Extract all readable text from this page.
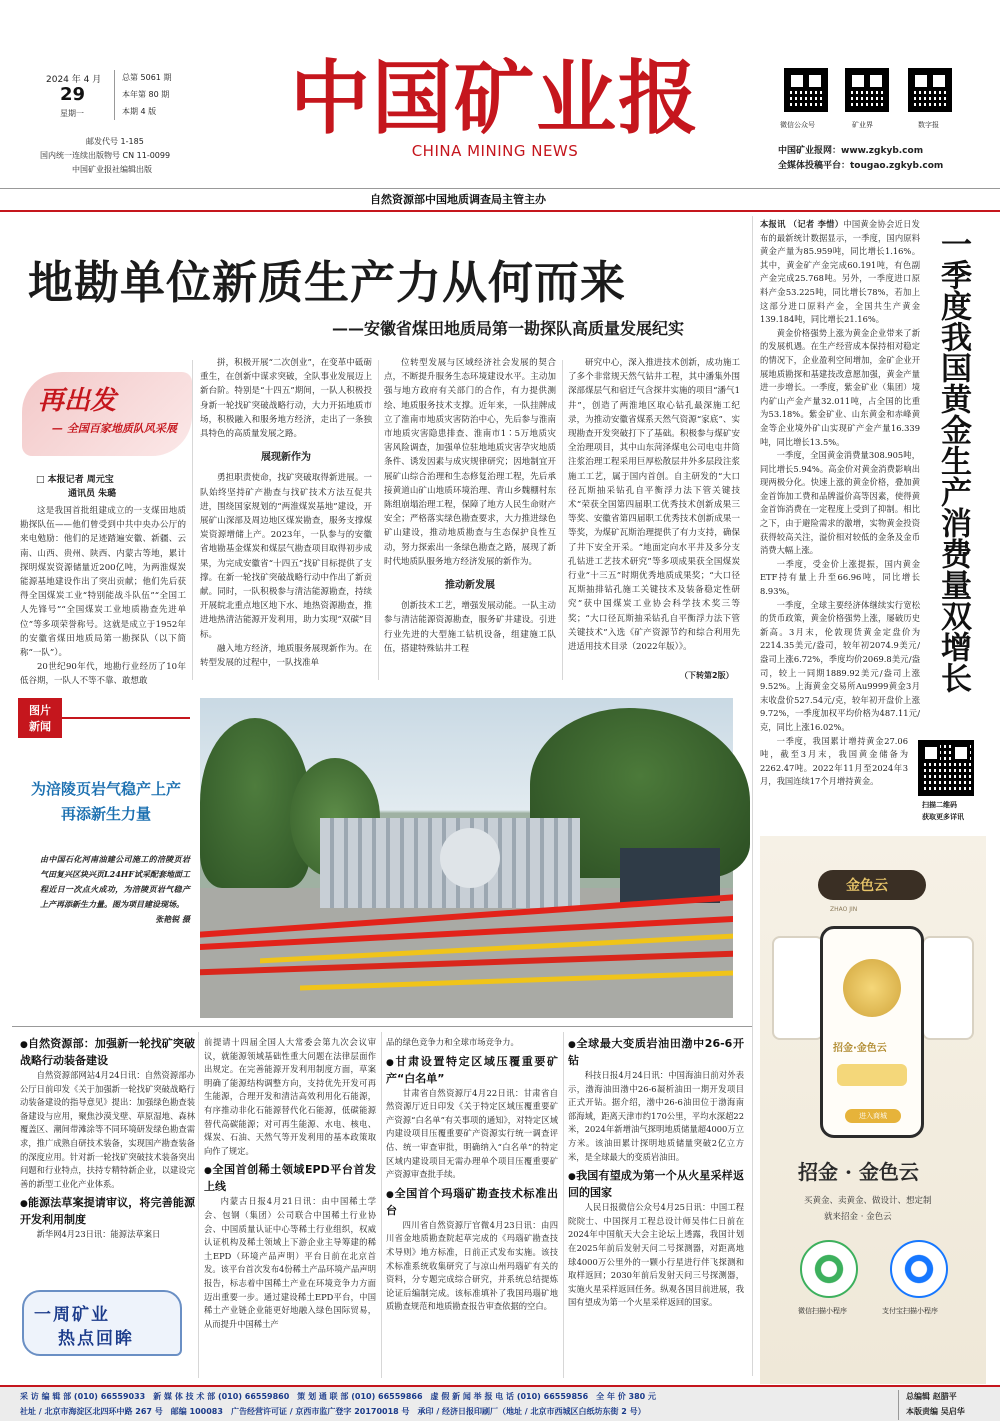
2024 年 4 月
29
星期一
总第 5061 期
本年第 80 期
本期 4 版
邮发代号 1-185
国内统一连续出版物号 CN 11-0099
中国矿业报社编辑出版
中国矿业报
CHINA MINING NEWS
自然资源部中国地质调查局主管主办
微信公众号	矿业界	数字报
中国矿业报网：www.zgkyb.com
全媒体投稿平台：tougao.zgkyb.com
地勘单位新质生产力从何而来
——安徽省煤田地质局第一勘探队高质量发展纪实
再出发
— 全国百家地质队风采展
□ 本报记者 周元宝
通讯员 朱璐

这是我国首批组建成立的一支煤田地质勘探队伍——他们曾受到中共中央办公厅的来电勉励：他们的足迹踏遍安徽、新疆、云南、山西、贵州、陕西、内蒙古等地，累计探明煤炭资源储量近200亿吨，为两淮煤炭能源基地建设作出了突出贡献；他们先后获得全国煤炭工业“特别能战斗队伍”“全国工人先锋号”“全国煤炭工业地质勘查先进单位”等多项荣誉称号。这就是成立于1952年的安徽省煤田地质局第一勘探队（以下简称“一队”）。

20世纪90年代，地勘行业经历了10年低谷期，一队人不等不靠、敢想敢

拼，积极开展“二次创业”，在变革中砥砺重生，在创新中谋求突破，全队事业发展迈上新台阶。特别是“十四五”期间，一队人积极投身新一轮找矿突破战略行动，大力开拓地质市场，积极融入和服务地方经济，走出了一条独具特色的高质量发展之路。

展现新作为

勇担职责使命，找矿突破取得新进展。一队始终坚持矿产勘查与找矿技术方法互促共进，围绕国家规划的“两淮煤炭基地”建设，开展矿山深部及周边地区煤炭勘查，服务支撑煤炭资源增储上产。2023年，一队参与的安徽省地勘基金煤炭和煤层气勘查项目取得初步成果，为完成安徽省“十四五”找矿目标提供了支撑。在新一轮找矿突破战略行动中作出了新贡献。同时，一队积极参与清洁能源勘查，持续开展皖北重点地区地下水、地热资源勘查，推进地热清洁能源开发利用，助力实现“双碳”目标。

融入地方经济，地质服务展现新作为。在转型发展的过程中，一队找准单

位转型发展与区域经济社会发展的契合点，不断提升服务生态环境建设水平。主动加强与地方政府有关部门的合作，有力提供测绘、地质服务技术支撑。近年来，一队挂牌成立了淮南市地质灾害防治中心，先后参与淮南市地质灾害隐患排查、淮南市1∶5万地质灾害风险调查，加强单位驻地地质灾害孕灾地质条件、诱发因素与成灾规律研究；因地制宜开展矿山综合治理和生态修复治理工程，先后承接黄道山矿山地质环境治理、青山乡魏棚村东陈组崩塌治理工程，保障了地方人民生命财产安全；严格落实绿色勘查要求，大力推进绿色矿山建设，推动地质勘查与生态保护良性互动，努力探索出一条绿色勘查之路，展现了新时代地质队服务地方经济发展的新作为。

推动新发展

创新技术工艺，增强发展动能。一队主动参与清洁能源资源勘查，服务矿井建设。引进行业先进的大型施工钻机设备，组建施工队伍，搭建特殊钻井工程

研究中心，深入推进技术创新，成功施工了多个非常规天然气钻井工程，其中潘集外围深部煤层气和宿迁气含探井实施的项目“潘气1井”，创造了两淮地区取心钻孔最深施工纪录，为推动安徽省煤系天然气资源“家底”、实现勘查开发突破打下了基础。积极参与煤矿安全治理项目，其中山东菏泽煤电公司电屯井筒注浆治理工程采用巨厚松散层井外多层段注浆施工工艺，属于国内首创。自主研发的“大口径瓦斯抽采钻孔自平衡浮力法下管关键技术”荣获全国第四届职工优秀技术创新成果三等奖、安徽省第四届职工优秀技术创新成果一等奖，为煤矿瓦斯治理提供了有力支持，确保了井下安全开采。“地面定向水平井及多分支孔钻进工艺技术研究”等多项成果获全国煤炭行业“十三五”时期优秀地质成果奖；“大口径瓦斯抽排钻孔施工关键技术及装备稳定性研究”获中国煤炭工业协会科学技术奖三等奖；“大口径瓦斯抽采钻孔自平衡浮力法下管关键技术”入选《矿产资源节约和综合利用先进适用技术目录（2022年版）》。

（下转第2版）
图片
新闻
为涪陵页岩气稳产上产
再添新生力量
由中国石化河南油建公司施工的涪陵页岩气田复兴区块兴页L24HF试采配套地面工程近日一次点火成功，为涪陵页岩气稳产上产再添新生力量。图为项目建设现场。
张艳锐 摄

本报讯 （记者 李惜）中国黄金协会近日发布的最新统计数据显示，一季度，国内原料黄金产量为85.959吨，同比增长1.16%。其中，黄金矿产金完成60.191吨，有色副产金完成25.768吨。另外，一季度进口原料产金53.225吨，同比增长78%，若加上这部分进口原料产金，全国共生产黄金139.184吨，同比增长21.16%。

黄金价格强势上涨为黄金企业带来了新的发展机遇。在生产经营成本保持相对稳定的情况下，企业盈利空间增加，金矿企业开展地质勘探和基建技改意愿加强，黄金产量进一步增长。一季度，紫金矿业（集团）境内矿山产金产量32.011吨，占全国的比重为53.18%。紫金矿业、山东黄金和赤峰黄金等企业境外矿山实现矿产金产量16.339吨，同比增长13.5%。

一季度，全国黄金消费量308.905吨，同比增长5.94%。高金价对黄金消费影响出现两极分化。快速上涨的黄金价格，叠加黄金首饰加工费和品牌溢价高等因素，使得黄金首饰消费在一定程度上受到了抑制。相比之下，由于避险需求的激增，实物黄金投资获得较高关注，溢价相对较低的金条及金币消费大幅上涨。

一季度，受金价上涨提振，国内黄金ETF持有量上升至66.96吨，同比增长8.93%。

一季度，全球主要经济体继续实行宽松的货币政策，黄金价格强势上涨，屡破历史新高。3月末，伦敦现货黄金定盘价为2214.35美元/盎司，较年初2074.9美元/盎司上涨6.72%，季度均价2069.8美元/盎司，较上一同期1889.92美元/盎司上涨9.52%。上海黄金交易所Au9999黄金3月末收盘价527.54元/克，较年初开盘价上涨9.72%，一季度加权平均价格为487.11元/克，同比上涨16.02%。

一季度，我国累计增持黄金27.06吨，截至3月末，我国黄金储备为2262.47吨。2022年11月至2024年3月，我国连续17个月增持黄金。

一季度我国黄金生产消费量双增长
扫描二维码
获取更多详讯
金色云
ZHAO JIN
招金·金色云
进入商城
招金 · 金色云
买黄金、卖黄金、做设计、想定制
就来招金 · 金色云
微信扫描小程序	支付宝扫描小程序
● 自然资源部：加强新一轮找矿突破战略行动装备建设

自然资源部网站4月24日讯：自然资源部办公厅日前印发《关于加强新一轮找矿突破战略行动装备建设的指导意见》提出：加强绿色勘查装备建设与应用，聚焦沙漠戈壁、草原湿地、森林覆盖区、潮间带滩涂等不同环境研发绿色勘查需求，推广成熟自研技术装备，实现国产勘查装备的深度应用。针对新一轮找矿突破技术装备突出问题和行业特点，扶持专精特新企业，以建设完善的新型工业化产业体系。

● 能源法草案提请审议，将完善能源开发利用制度

新华网4月23日讯：能源法草案日

一周矿业
热点回眸

前提请十四届全国人大常委会第九次会议审议，就能源领域基础性重大问题在法律层面作出规定。在完善能源开发利用制度方面，草案明确了能源结构调整方向，支持优先开发可再生能源，合理开发和清洁高效利用化石能源，有序推动非化石能源替代化石能源，低碳能源替代高碳能源；对可再生能源、水电、核电、煤炭、石油、天然气等开发利用的基本政策取向作了规定。

● 全国首创稀土领域EPD平台首发上线

内蒙古日报4月21日讯：由中国稀土学会、包钢（集团）公司联合中国稀土行业协会、中国质量认证中心等稀土行业组织，权威认证机构及稀土领域上下游企业主导筹建的稀土EPD（环境产品声明）平台日前在北京首发。该平台首次发布4份稀土产品环境产品声明报告，标志着中国稀土产业在环境竞争力方面迈出重要一步。通过建设稀土EPD平台，中国稀土产业链企业能更好地融入绿色国际贸易，从而提升中国稀土产

品的绿色竞争力和全球市场竞争力。

● 甘肃设置特定区域压覆重要矿产“白名单”

甘肃省自然资源厅4月22日讯：甘肃省自然资源厅近日印发《关于特定区域压覆重要矿产资源“白名单”有关事项的通知》，对特定区域内建设项目压覆重要矿产资源实行统一调查评估、统一审查审批，明确纳入“白名单”的特定区域内建设项目无需办理单个项目压覆重要矿产资源审查批手续。

● 全国首个玛瑙矿勘查技术标准出台

四川省自然资源厅官微4月23日讯：由四川省金地质勘查院起草完成的《玛瑙矿勘查技术导则》地方标准，日前正式发布实施。该技术标准系统收集研究了与凉山州玛瑙矿有关的资料，分专题完成综合研究，并系统总结提炼论证后编制完成。该标准填补了我国玛瑙矿地质勘查规范和地质勘查报告审查依据的空白。

● 全球最大变质岩油田渤中26-6开钻

科技日报4月24日讯：中国海油日前对外表示，渤海油田渤中26-6凝析油田一期开发项目正式开钻。据介绍，渤中26-6油田位于渤海南部海域，距离天津市约170公里，平均水深超22米，2024年新增油气探明地质储量超4000万立方米。该油田累计探明地质储量突破2亿立方米，是全球最大的变质岩油田。

● 我国有望成为第一个从火星采样返回的国家

人民日报微信公众号4月25日讯：中国工程院院士、中国探月工程总设计师吴伟仁日前在2024年中国航天大会主论坛上透露，我国计划在2025年前后发射天问二号探测器，对距离地球4000万公里外的一颗小行星进行伴飞探测和取样返回；2030年前后发射天问三号探测器，实施火星采样返回任务。纵观各国目前进展，我国有望成为第一个火星采样返回的国家。

采 访 编 辑 部 (010) 66559033　新 媒 体 技 术 部 (010) 66559860　策 划 通 联 部 (010) 66559866　虚 假 新 闻 举 报 电 话 (010) 66559856　全 年 价 380 元
社址 / 北京市海淀区北四环中路 267 号　邮编 100083　广告经营许可证 / 京西市监广登字 20170018 号　承印 / 经济日报印刷厂（地址 / 北京市西城区白纸坊东街 2 号）
总编辑 赵腊平
本版责编 吴启华
